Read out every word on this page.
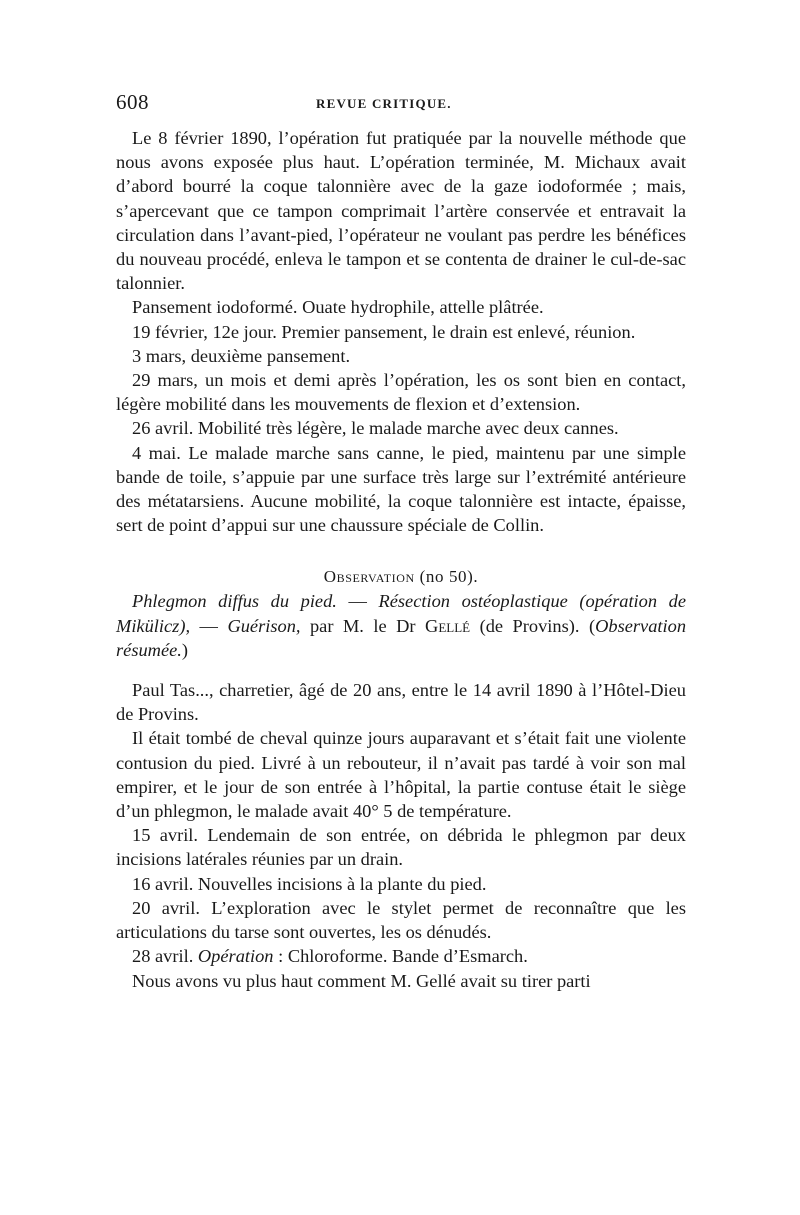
608	REVUE CRITIQUE.

Le 8 février 1890, l’opération fut pratiquée par la nouvelle méthode que nous avons exposée plus haut. L’opération terminée, M. Michaux avait d’abord bourré la coque talonnière avec de la gaze iodoformée ; mais, s’apercevant que ce tampon comprimait l’artère conservée et entravait la circulation dans l’avant-pied, l’opérateur ne voulant pas perdre les bénéfices du nouveau procédé, enleva le tampon et se contenta de drainer le cul-de-sac talonnier.

Pansement iodoformé. Ouate hydrophile, attelle plâtrée.

19 février, 12e jour. Premier pansement, le drain est enlevé, réunion.

3 mars, deuxième pansement.

29 mars, un mois et demi après l’opération, les os sont bien en contact, légère mobilité dans les mouvements de flexion et d’extension.

26 avril. Mobilité très légère, le malade marche avec deux cannes.

4 mai. Le malade marche sans canne, le pied, maintenu par une simple bande de toile, s’appuie par une surface très large sur l’extrémité antérieure des métatarsiens. Aucune mobilité, la coque talonnière est intacte, épaisse, sert de point d’appui sur une chaussure spéciale de Collin.

Observation (no 50).
Phlegmon diffus du pied. — Résection ostéoplastique (opération de Mikülicz), — Guérison, par M. le Dr Gellé (de Provins). (Observation résumée.)

Paul Tas..., charretier, âgé de 20 ans, entre le 14 avril 1890 à l’Hôtel-Dieu de Provins.

Il était tombé de cheval quinze jours auparavant et s’était fait une violente contusion du pied. Livré à un rebouteur, il n’avait pas tardé à voir son mal empirer, et le jour de son entrée à l’hôpital, la partie contuse était le siège d’un phlegmon, le malade avait 40° 5 de température.

15 avril. Lendemain de son entrée, on débrida le phlegmon par deux incisions latérales réunies par un drain.

16 avril. Nouvelles incisions à la plante du pied.

20 avril. L’exploration avec le stylet permet de reconnaître que les articulations du tarse sont ouvertes, les os dénudés.

28 avril. Opération : Chloroforme. Bande d’Esmarch.

Nous avons vu plus haut comment M. Gellé avait su tirer parti
